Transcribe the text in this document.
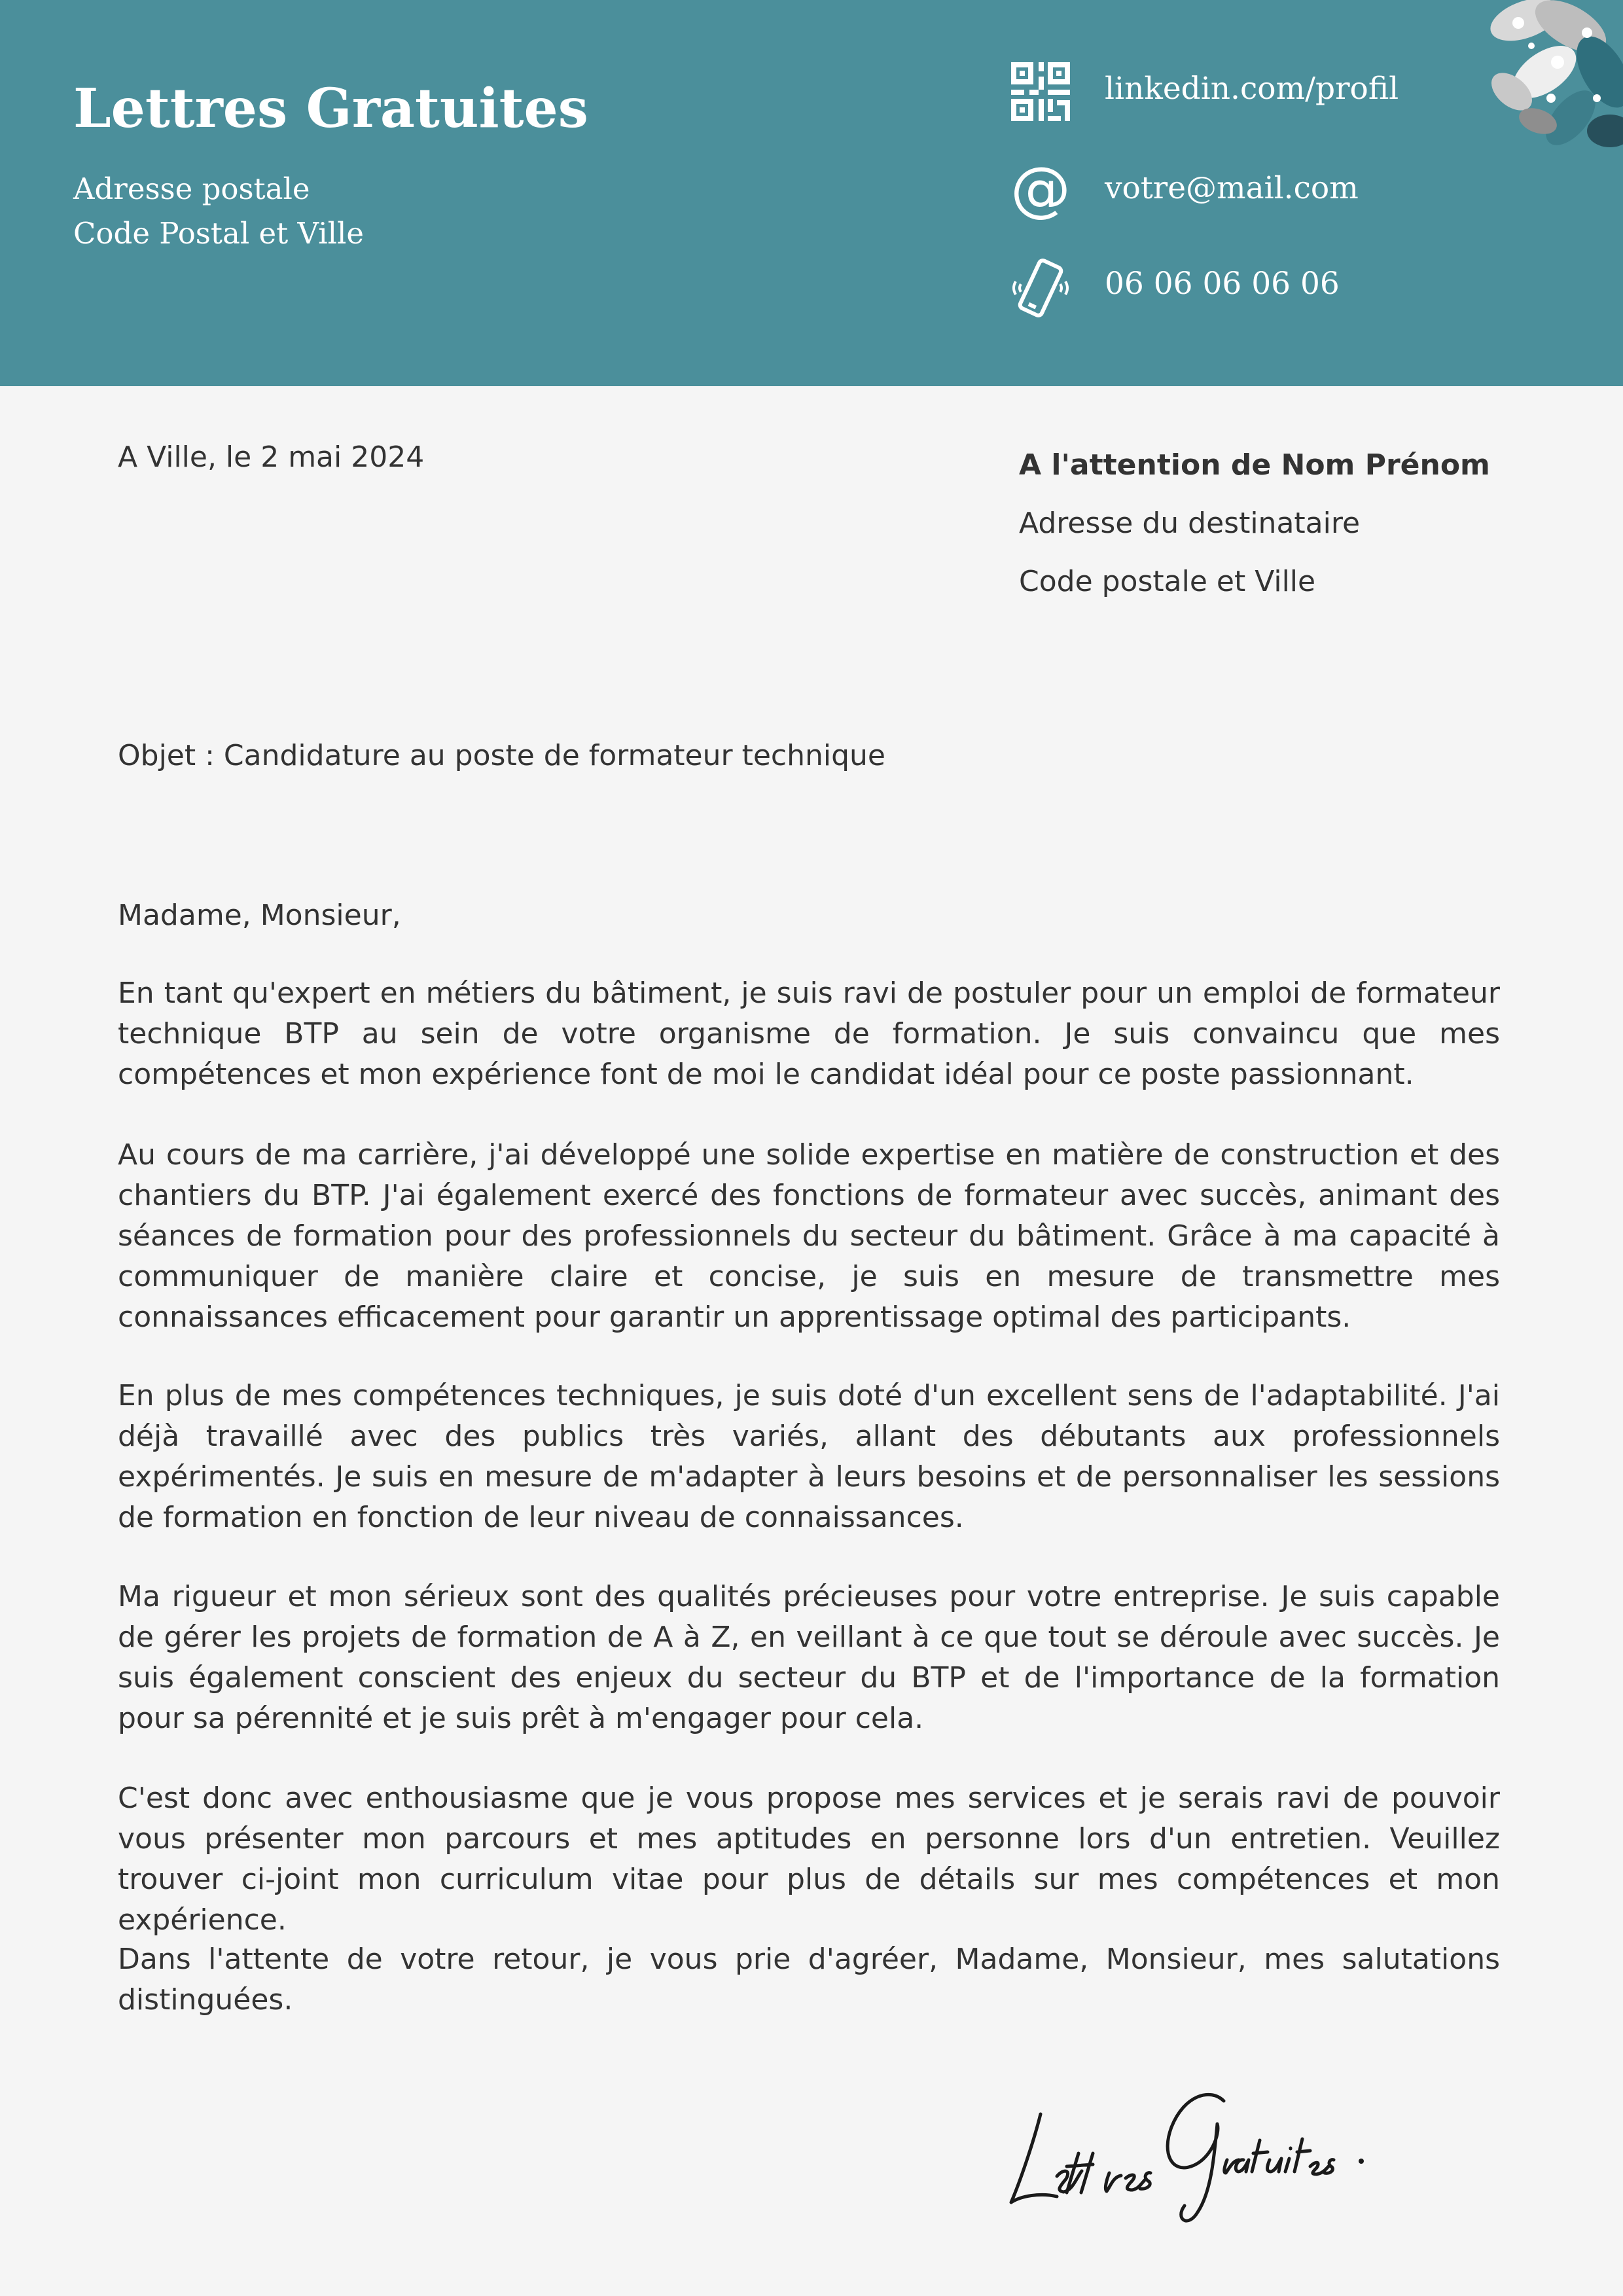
Lettres Gratuites
Adresse postale
Code Postal et Ville
linkedin.com/profil
@ votre@mail.com
06 06 06 06 06
A Ville, le 2 mai 2024	A l'attention de Nom Prénom
Adresse du destinataire
Code postale et Ville
Objet : Candidature au poste de formateur technique
Madame, Monsieur,

En tant qu'expert en métiers du bâtiment, je suis ravi de postuler pour un emploi de formateur technique BTP au sein de votre organisme de formation. Je suis convaincu que mes compétences et mon expérience font de moi le candidat idéal pour ce poste passionnant.

Au cours de ma carrière, j'ai développé une solide expertise en matière de construction et des chantiers du BTP. J'ai également exercé des fonctions de formateur avec succès, animant des séances de formation pour des professionnels du secteur du bâtiment. Grâce à ma capacité à communiquer de manière claire et concise, je suis en mesure de transmettre mes connaissances efficacement pour garantir un apprentissage optimal des participants.

En plus de mes compétences techniques, je suis doté d'un excellent sens de l'adaptabilité. J'ai déjà travaillé avec des publics très variés, allant des débutants aux professionnels expérimentés. Je suis en mesure de m'adapter à leurs besoins et de personnaliser les sessions de formation en fonction de leur niveau de connaissances.

Ma rigueur et mon sérieux sont des qualités précieuses pour votre entreprise. Je suis capable de gérer les projets de formation de A à Z, en veillant à ce que tout se déroule avec succès. Je suis également conscient des enjeux du secteur du BTP et de l'importance de la formation pour sa pérennité et je suis prêt à m'engager pour cela.

C'est donc avec enthousiasme que je vous propose mes services et je serais ravi de pouvoir vous présenter mon parcours et mes aptitudes en personne lors d'un entretien. Veuillez trouver ci-joint mon curriculum vitae pour plus de détails sur mes compétences et mon expérience.

Dans l'attente de votre retour, je vous prie d'agréer, Madame, Monsieur, mes salutations distinguées.
